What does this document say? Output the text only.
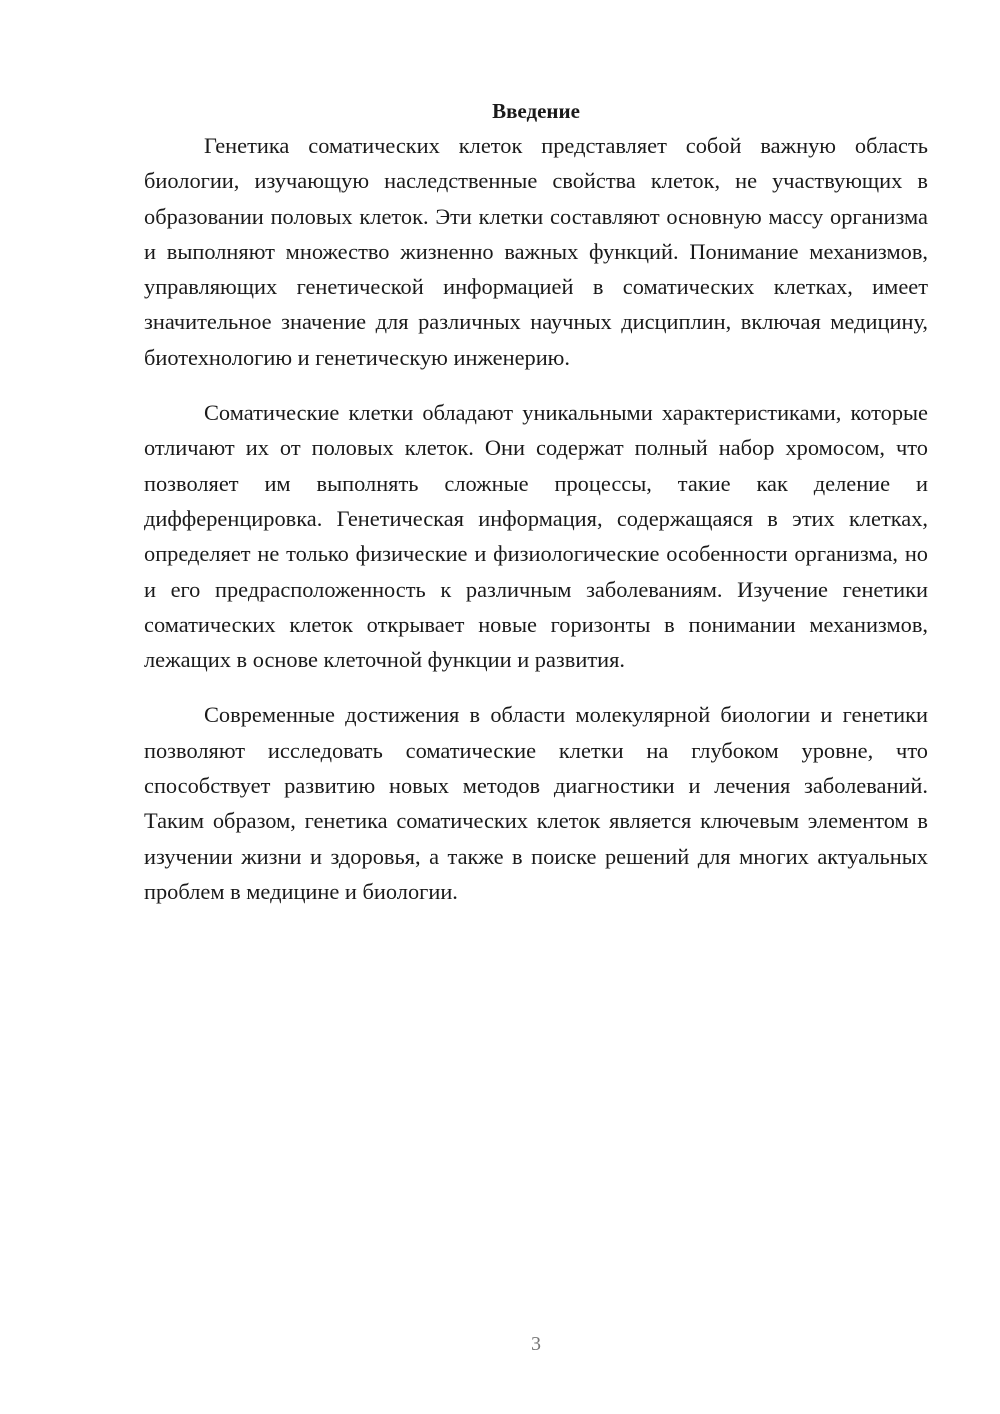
Введение

Генетика соматических клеток представляет собой важную область биологии, изучающую наследственные свойства клеток, не участвующих в образовании половых клеток. Эти клетки составляют основную массу организма и выполняют множество жизненно важных функций. Понимание механизмов, управляющих генетической информацией в соматических клетках, имеет значительное значение для различных научных дисциплин, включая медицину, биотехнологию и генетическую инженерию.

Соматические клетки обладают уникальными характеристиками, которые отличают их от половых клеток. Они содержат полный набор хромосом, что позволяет им выполнять сложные процессы, такие как деление и дифференцировка. Генетическая информация, содержащаяся в этих клетках, определяет не только физические и физиологические особенности организма, но и его предрасположенность к различным заболеваниям. Изучение генетики соматических клеток открывает новые горизонты в понимании механизмов, лежащих в основе клеточной функции и развития.

Современные достижения в области молекулярной биологии и генетики позволяют исследовать соматические клетки на глубоком уровне, что способствует развитию новых методов диагностики и лечения заболеваний. Таким образом, генетика соматических клеток является ключевым элементом в изучении жизни и здоровья, а также в поиске решений для многих актуальных проблем в медицине и биологии.

3
